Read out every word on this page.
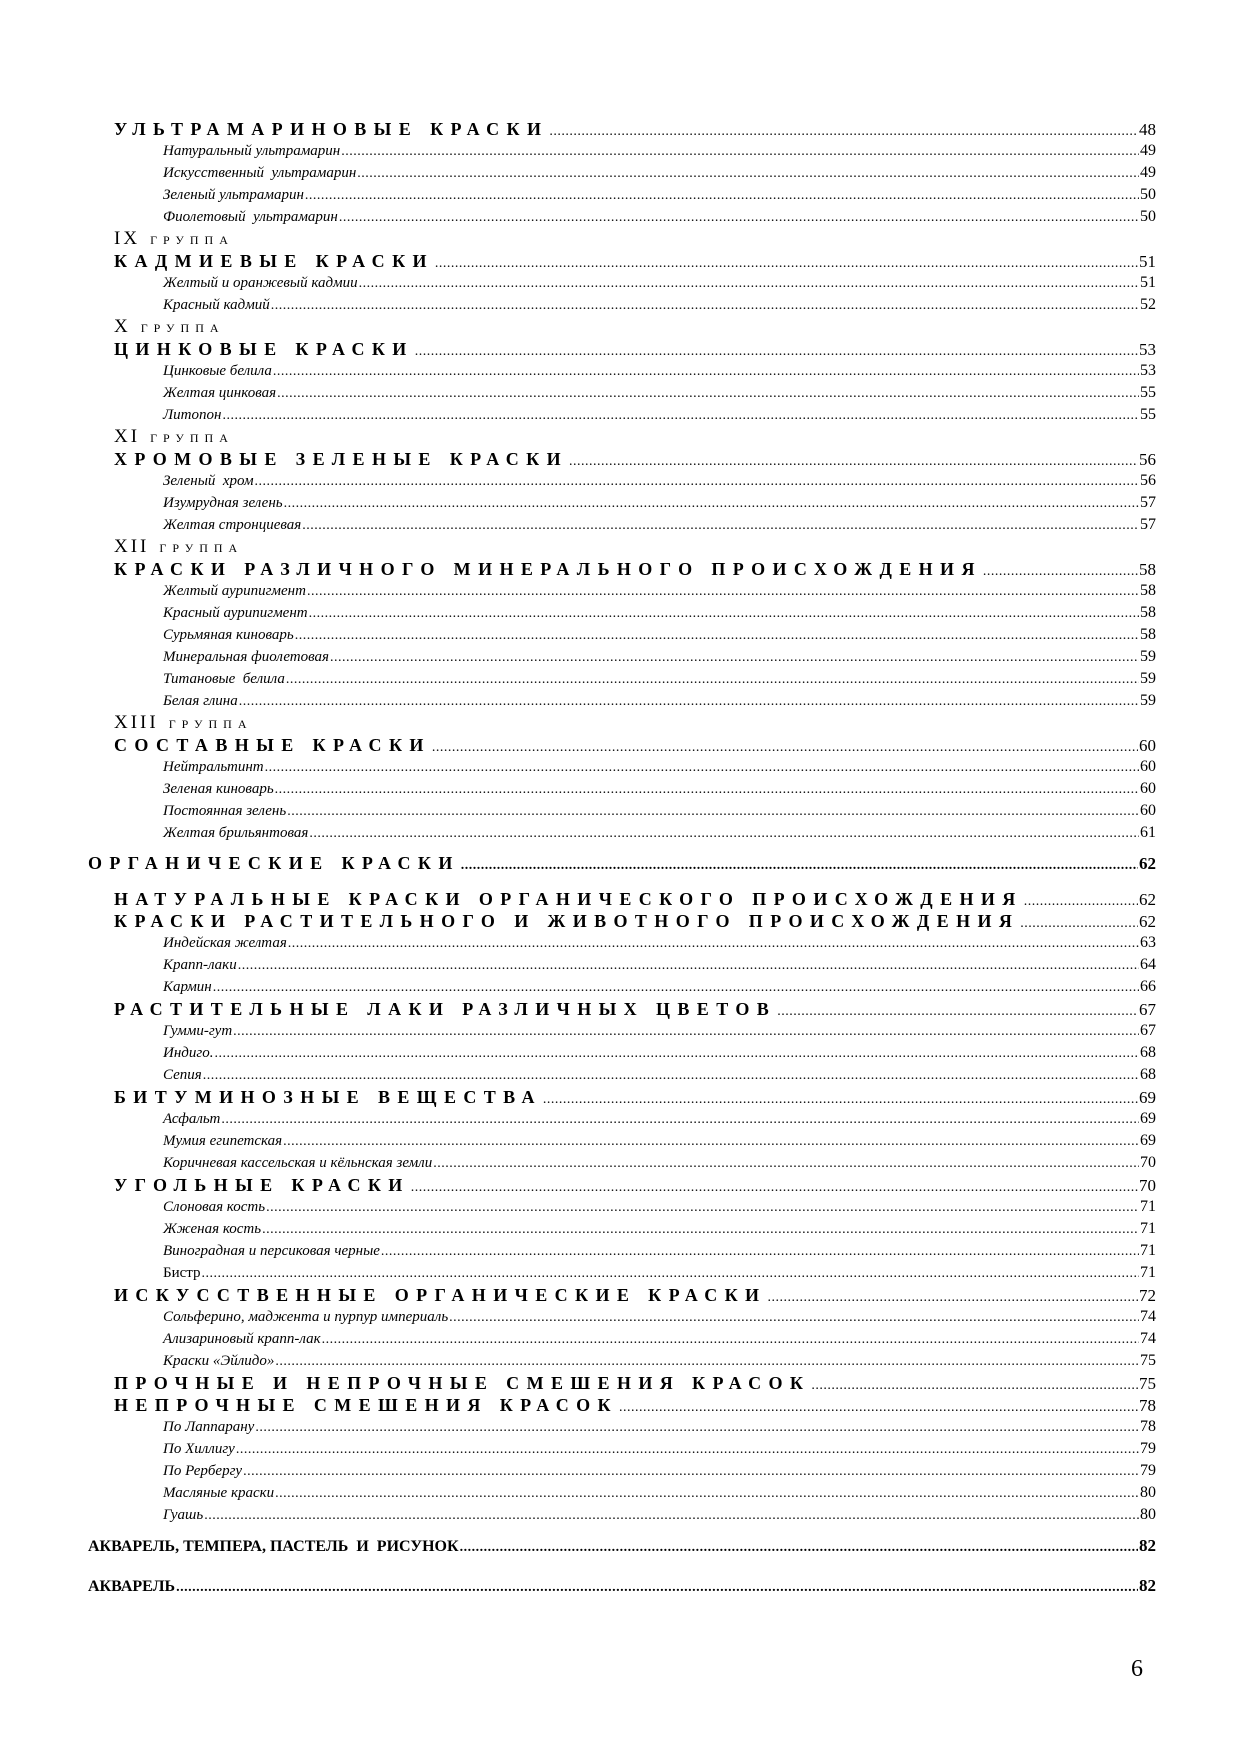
УЛЬТРАМАРИНОВЫЕ КРАСКИ .....	48
Натуральный ультрамарин .....	49
Искусственный  ультрамарин .....	49
Зеленый ультрамарин .....	50
Фиолетовый  ультрамарин .....	50
IX ГРУППА
КАДМИЕВЫЕ КРАСКИ .....	51
Желтый и оранжевый кадмии .....	51
Красный кадмий .....	52
X ГРУППА
ЦИНКОВЫЕ КРАСКИ .....	53
Цинковые белила .....	53
Желтая цинковая .....	55
Литопон .....	55
XI ГРУППА
ХРОМОВЫЕ ЗЕЛЕНЫЕ КРАСКИ .....	56
Зеленый  хром .....	56
Изумрудная зелень .....	57
Желтая стронциевая .....	57
XII ГРУППА
КРАСКИ РАЗЛИЧНОГО МИНЕРАЛЬНОГО ПРОИСХОЖДЕНИЯ .....	58
Желтый аурипигмент .....	58
Красный аурипигмент .....	58
Сурьмяная киноварь .....	58
Минеральная фиолетовая .....	59
Титановые  белила .....	59
Белая глина .....	59
XIII ГРУППА
СОСТАВНЫЕ КРАСКИ .....	60
Нейтральтинт .....	60
Зеленая киноварь .....	60
Постоянная зелень .....	60
Желтая брильянтовая .....	61
ОРГАНИЧЕСКИЕ КРАСКИ .....	62
НАТУРАЛЬНЫЕ КРАСКИ ОРГАНИЧЕСКОГО ПРОИСХОЖДЕНИЯ .....	62
КРАСКИ РАСТИТЕЛЬНОГО И ЖИВОТНОГО ПРОИСХОЖДЕНИЯ .....	62
Индейская желтая .....	63
Крапп-лаки .....	64
Кармин .....	66
РАСТИТЕЛЬНЫЕ ЛАКИ РАЗЛИЧНЫХ ЦВЕТОВ .....	67
Гумми-гут .....	67
Индиго. .....	68
Сепия .....	68
БИТУМИНОЗНЫЕ ВЕЩЕСТВА .....	69
Асфальт .....	69
Мумия египетская .....	69
Коричневая кассельская и кёльнская земли .....	70
УГОЛЬНЫЕ КРАСКИ .....	70
Слоновая кость .....	71
Жженая кость .....	71
Виноградная и персиковая черные .....	71
Бистр .....	71
ИСКУССТВЕННЫЕ ОРГАНИЧЕСКИЕ КРАСКИ .....	72
Сольферино, маджента и пурпур империаль .....	74
Ализариновый крапп-лак .....	74
Краски «Эйлидо» .....	75
ПРОЧНЫЕ И НЕПРОЧНЫЕ СМЕШЕНИЯ КРАСОК .....	75
НЕПРОЧНЫЕ СМЕШЕНИЯ КРАСОК .....	78
По Лаппарану .....	78
По Хиллигу .....	79
По Рербергу .....	79
Масляные краски .....	80
Гуашь .....	80
АКВАРЕЛЬ, ТЕМПЕРА, ПАСТЕЛЬ  И  РИСУНОК .....	82
АКВАРЕЛЬ .....	82
6
